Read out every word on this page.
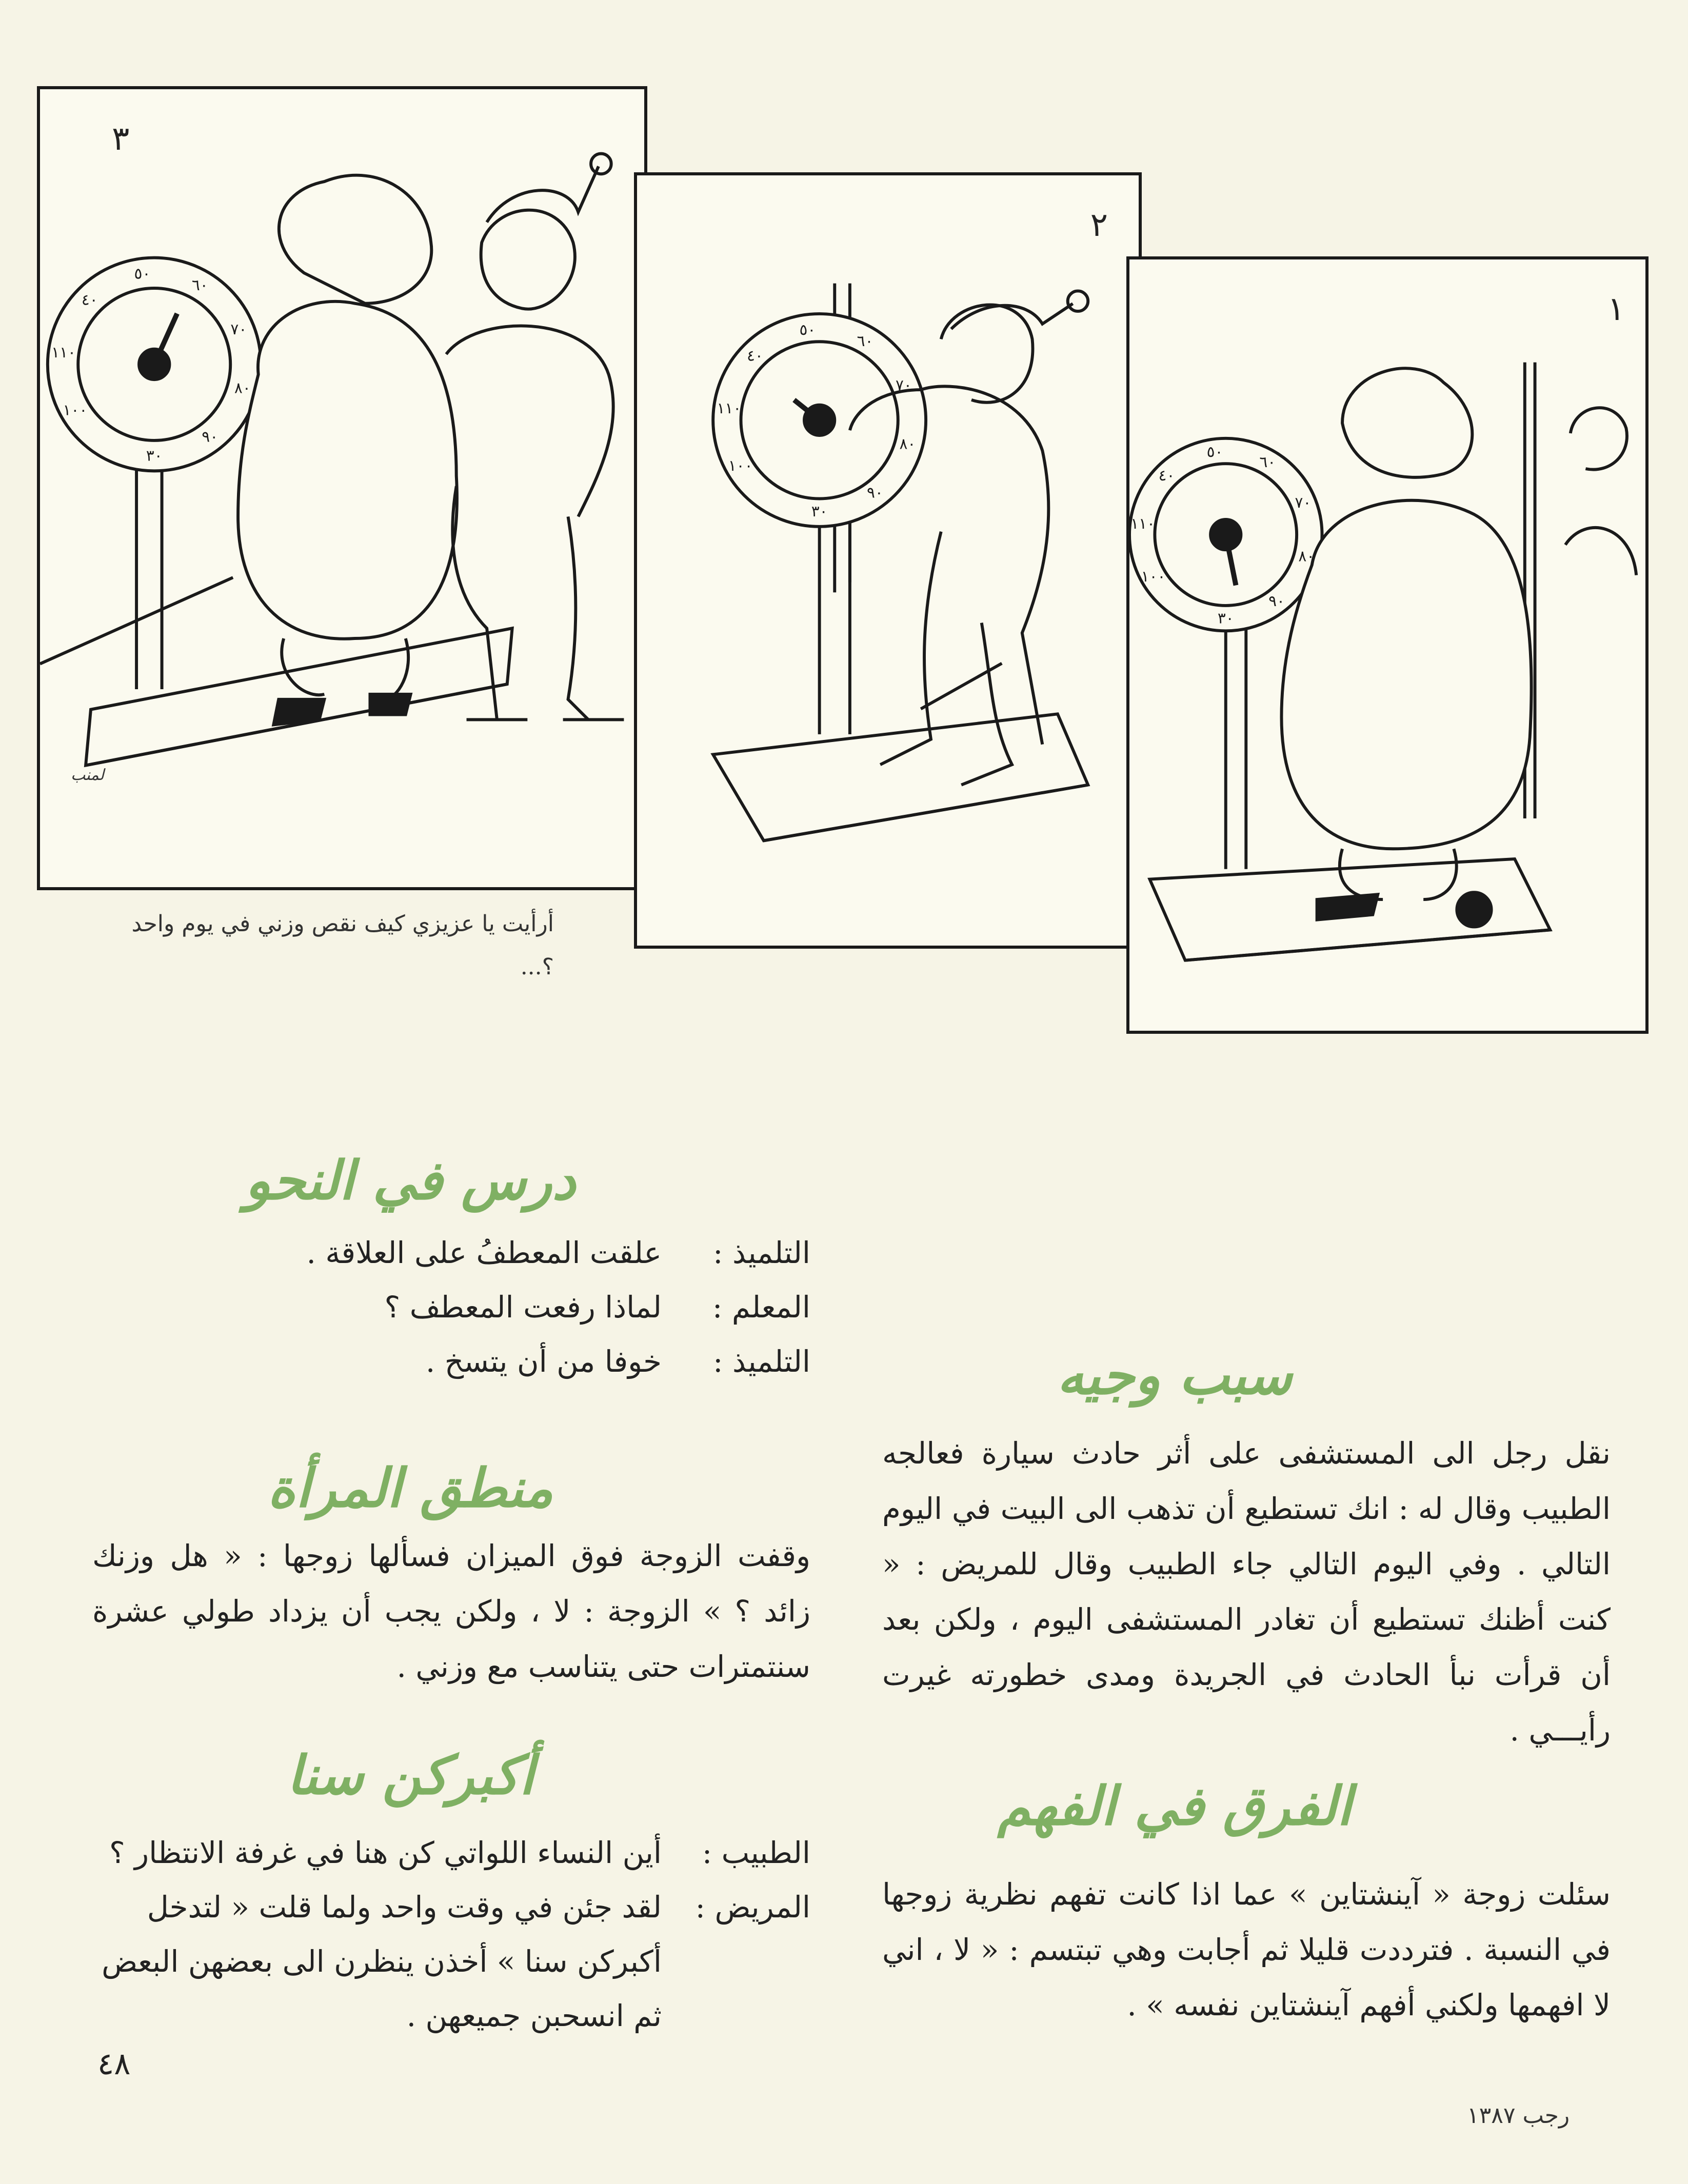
٣
١٠٠
١١٠
٤٠
٥٠
٦٠
٧٠
٨٠
٩٠
٣٠
لمنب
٢
١٠٠
١١٠
٤٠
٥٠
٦٠
٧٠
٨٠
٩٠
٣٠
١
١٠٠
١١٠
٤٠
٥٠
٦٠
٧٠
٨٠
٩٠
٣٠
أرأيت يا عزيزي كيف نقص وزني في يوم واحد ؟...
سبب وجيه
نقل رجل الى المستشفى على أثر حادث سيارة فعالجه الطبيب وقال له : انك تستطيع أن تذهب الى البيت في اليوم التالي . وفي اليوم التالي جاء الطبيب وقال للمريض : « كنت أظنك تستطيع أن تغادر المستشفى اليوم ، ولكن بعد أن قرأت نبأ الحادث في الجريدة ومدى خطورته غيرت رأيـــي .
الفرق في الفهم
سئلت زوجة « آينشتاين » عما اذا كانت تفهم نظرية زوجها في النسبة . فترددت قليلا ثم أجابت وهي تبتسم : « لا ، اني لا افهمها ولكني أفهم آينشتاين نفسه » .
درس في النحو
التلميذ :
علقت المعطفُ على العلاقة .
المعلم :
لماذا رفعت المعطف ؟
التلميذ :
خوفا من أن يتسخ .
منطق المرأة
وقفت الزوجة فوق الميزان فسألها زوجها : « هل وزنك زائد ؟ » الزوجة : لا ، ولكن يجب أن يزداد طولي عشرة سنتمترات حتى يتناسب مع وزني .
أكبركن سنا
الطبيب :
أين النساء اللواتي كن هنا في غرفة الانتظار ؟
المريض :
لقد جئن في وقت واحد ولما قلت « لتدخل أكبركن سنا » أخذن ينظرن الى بعضهن البعض ثم انسحبن جميعهن .
٤٨
رجب ١٣٨٧
